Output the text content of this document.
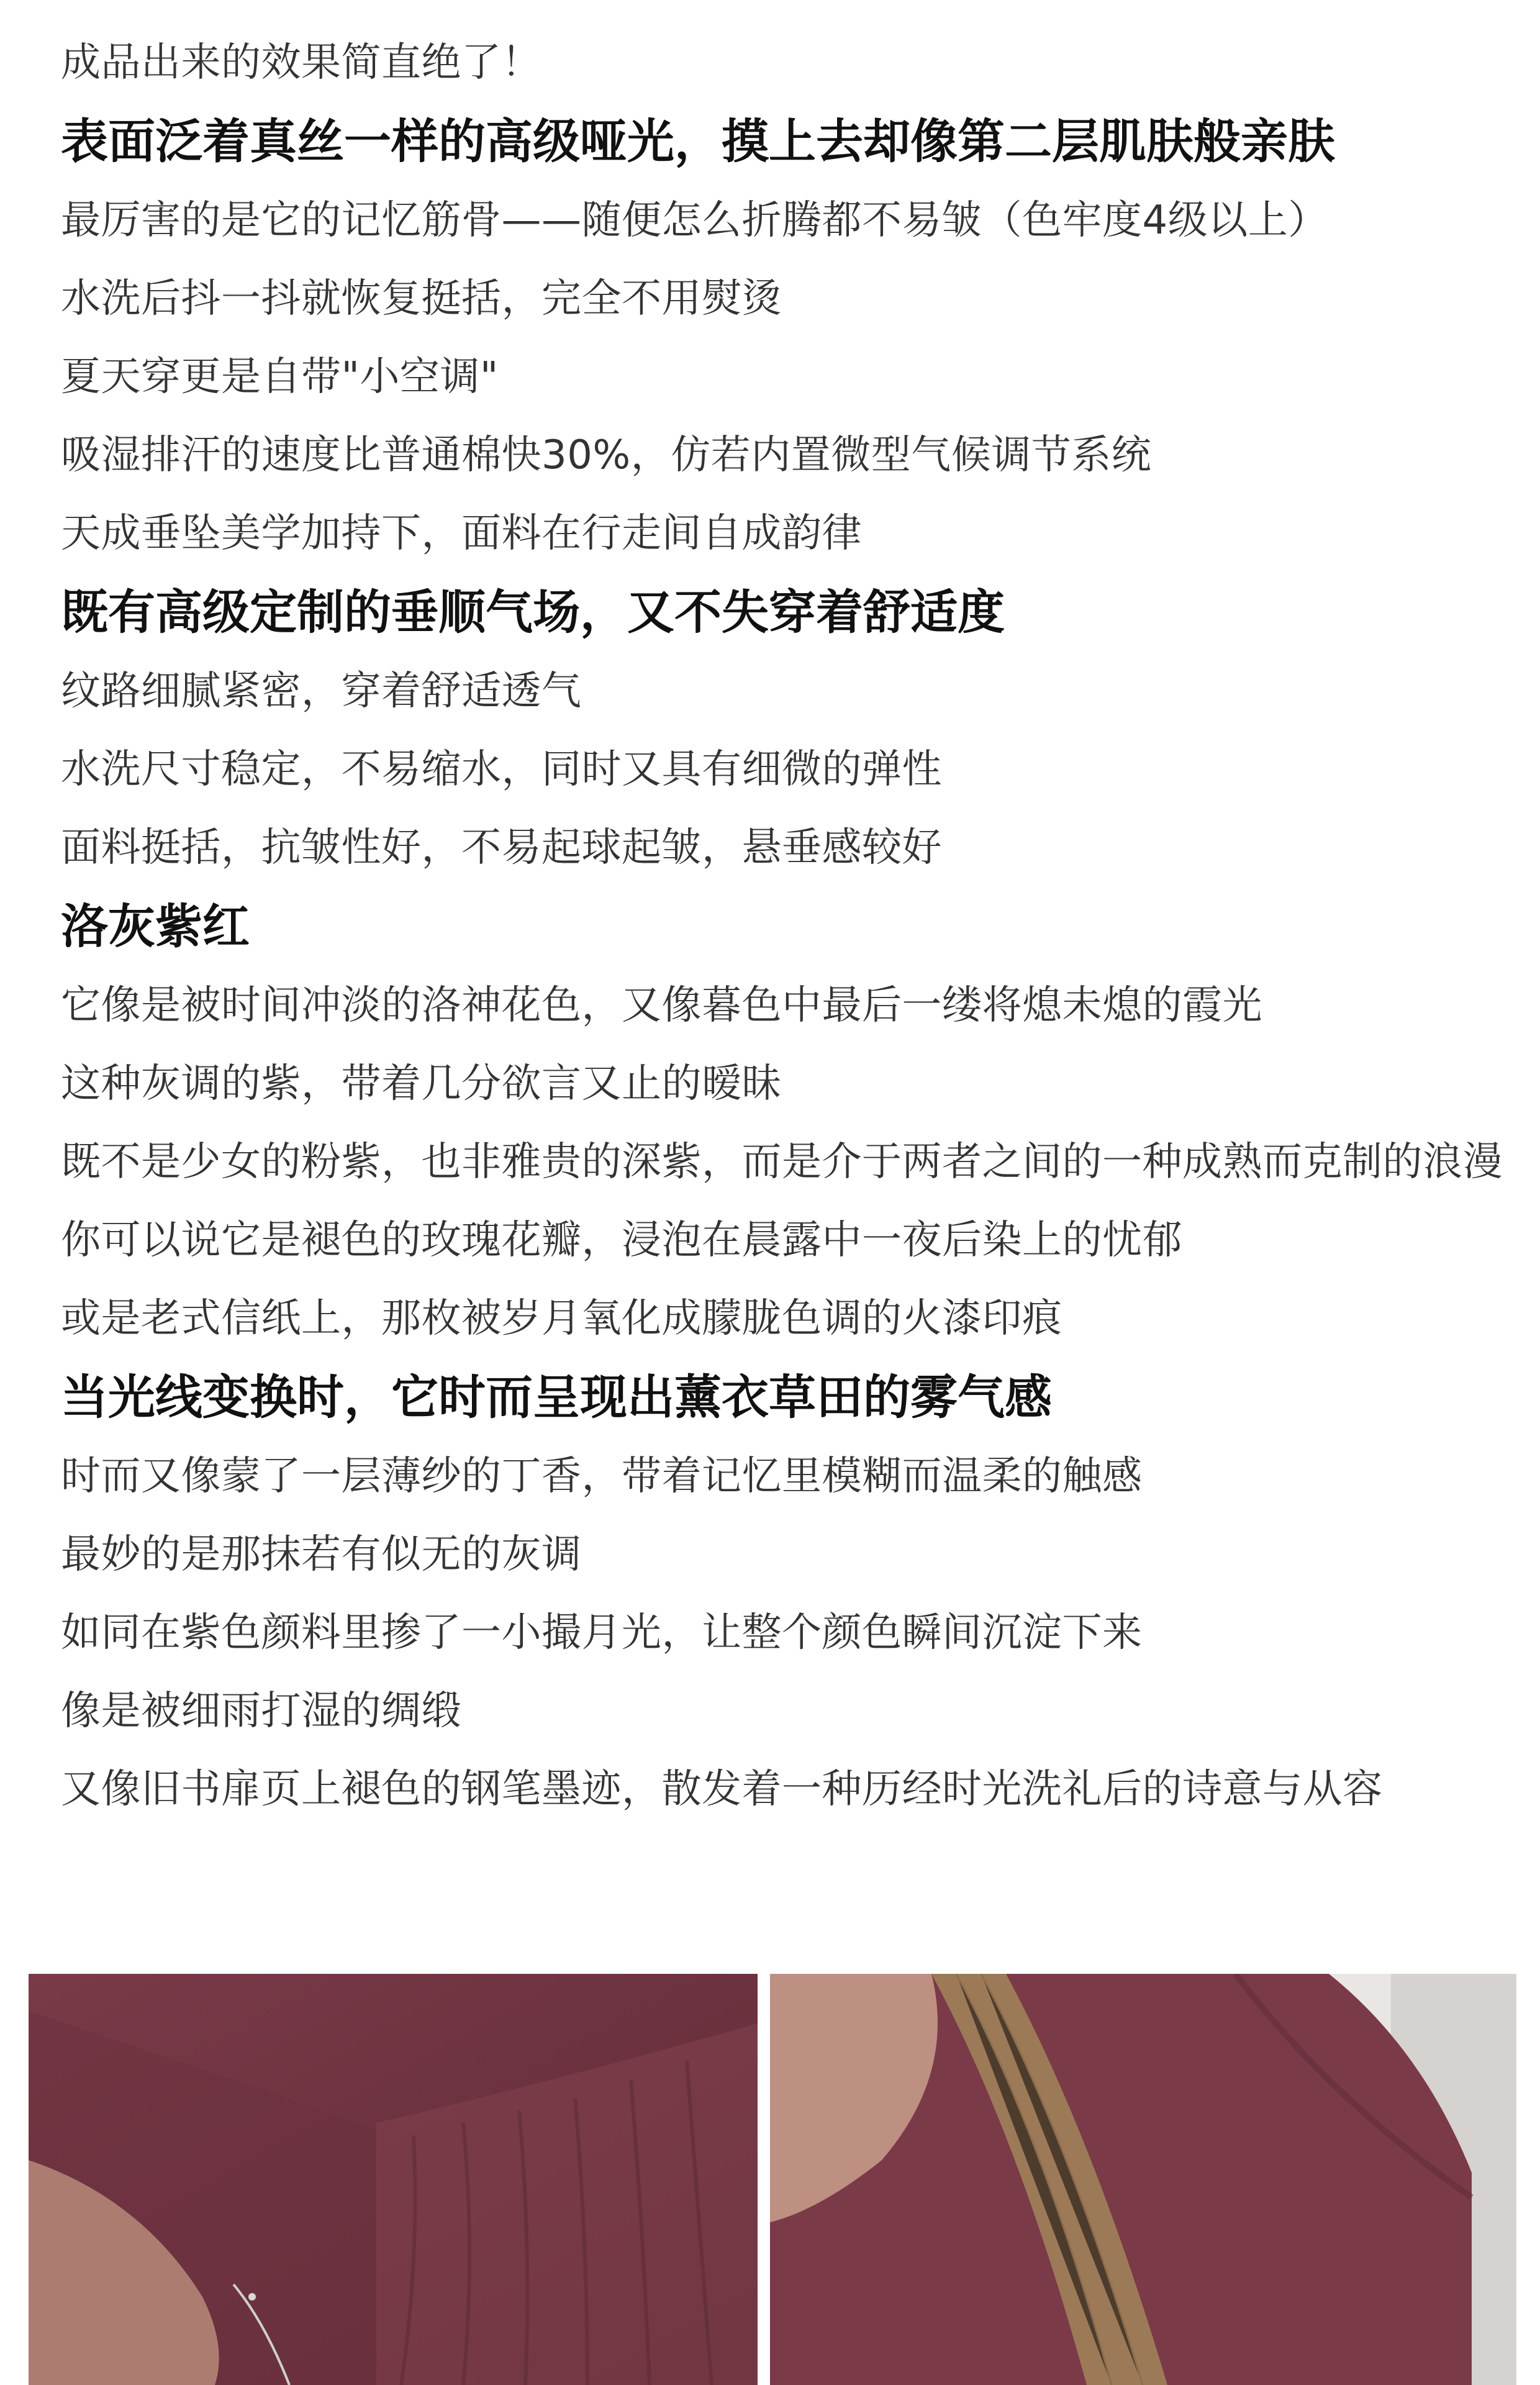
成品出来的效果简直绝了！

表面泛着真丝一样的高级哑光，摸上去却像第二层肌肤般亲肤

最厉害的是它的记忆筋骨——随便怎么折腾都不易皱（色牢度4级以上）

水洗后抖一抖就恢复挺括，完全不用熨烫

夏天穿更是自带"小空调"

吸湿排汗的速度比普通棉快30%，仿若内置微型气候调节系统

天成垂坠美学加持下，面料在行走间自成韵律

既有高级定制的垂顺气场，又不失穿着舒适度

纹路细腻紧密，穿着舒适透气

水洗尺寸稳定，不易缩水，同时又具有细微的弹性

面料挺括，抗皱性好，不易起球起皱，悬垂感较好

洛灰紫红

它像是被时间冲淡的洛神花色，又像暮色中最后一缕将熄未熄的霞光

这种灰调的紫，带着几分欲言又止的暧昧

既不是少女的粉紫，也非雅贵的深紫，而是介于两者之间的一种成熟而克制的浪漫

你可以说它是褪色的玫瑰花瓣，浸泡在晨露中一夜后染上的忧郁

或是老式信纸上，那枚被岁月氧化成朦胧色调的火漆印痕

当光线变换时，它时而呈现出薰衣草田的雾气感

时而又像蒙了一层薄纱的丁香，带着记忆里模糊而温柔的触感

最妙的是那抹若有似无的灰调

如同在紫色颜料里掺了一小撮月光，让整个颜色瞬间沉淀下来

像是被细雨打湿的绸缎

又像旧书扉页上褪色的钢笔墨迹，散发着一种历经时光洗礼后的诗意与从容
